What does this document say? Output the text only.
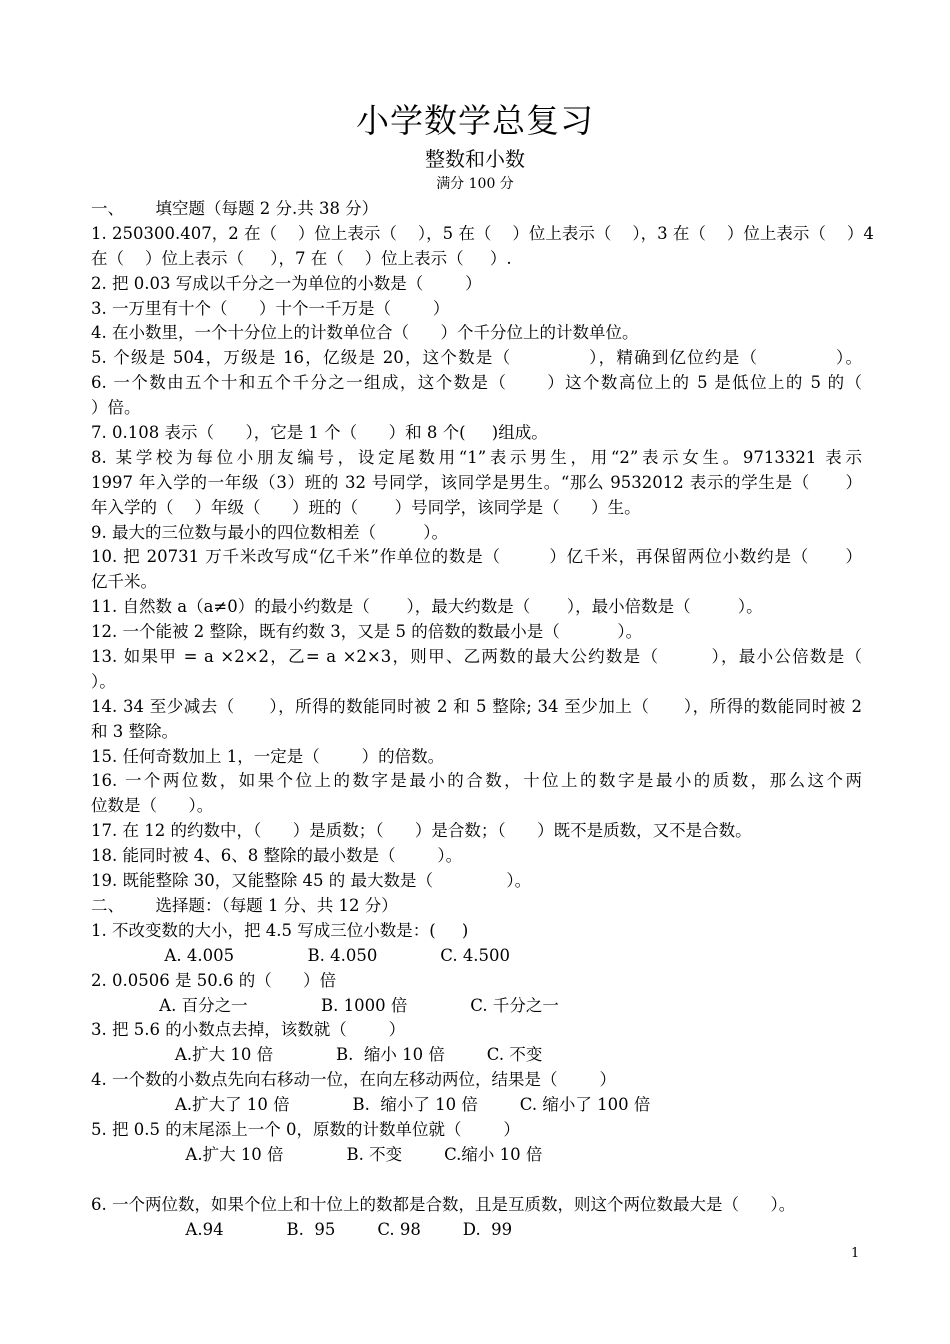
小学数学总复习
整数和小数
满分 100 分
一、      填空题（每题 2 分.共 38 分）
1. 250300.407，2 在（    ）位上表示（    ），5 在（    ）位上表示（    ），3 在（    ）位上表示（    ）4
在（    ）位上表示（     ），7 在（    ）位上表示（     ）.
2. 把 0.03 写成以千分之一为单位的小数是（        ）
3. 一万里有十个（      ）十个一千万是（        ）
4. 在小数里，一个十分位上的计数单位合（      ）个千分位上的计数单位。
5. 个级是 504，万级是 16，亿级是 20，这个数是（            ），精确到亿位约是（            ）。
6. 一个数由五个十和五个千分之一组成，这个数是（      ）这个数高位上的 5 是低位上的 5 的（
）倍。
7. 0.108 表示（      ），它是 1 个（      ）和 8 个(     )组成。
8. 某学校为每位小朋友编号，设定尾数用“1”表示男生，用“2”表示女生。9713321 表示
1997 年入学的一年级（3）班的 32 号同学，该同学是男生。“那么 9532012 表示的学生是（      ）
年入学的（    ）年级（      ）班的（       ）号同学，该同学是（      ）生。
9. 最大的三位数与最小的四位数相差（         ）。
10. 把 20731 万千米改写成“亿千米”作单位的数是（        ）亿千米，再保留两位小数约是（      ）
亿千米。
11. 自然数 a（a≠0）的最小约数是（       ），最大约数是（       ），最小倍数是（         ）。
12. 一个能被 2 整除，既有约数 3，又是 5 的倍数的数最小是（           ）。
13. 如果甲 = a ×2×2，乙= a ×2×3，则甲、乙两数的最大公约数是（        ），最小公倍数是（
）。
14. 34 至少减去（      ），所得的数能同时被 2 和 5 整除; 34 至少加上（      ），所得的数能同时被 2
和 3 整除。
15. 任何奇数加上 1，一定是（        ）的倍数。
16. 一个两位数，如果个位上的数字是最小的合数，十位上的数字是最小的质数，那么这个两
位数是（      ）。
17. 在 12 的约数中，（      ）是质数；（      ）是合数；（      ）既不是质数，又不是合数。
18. 能同时被 4、6、8 整除的最小数是（        ）。
19. 既能整除 30，又能整除 45 的 最大数是（              ）。
二、      选择题：（每题 1 分、共 12 分）
1. 不改变数的大小，把 4.5 写成三位小数是：(     )
A. 4.005              B. 4.050            C. 4.500
2. 0.0506 是 50.6 的（      ）倍
A. 百分之一              B. 1000 倍            C. 千分之一
3. 把 5.6 的小数点去掉，该数就（        ）
A.扩大 10 倍            B.  缩小 10 倍        C. 不变
4. 一个数的小数点先向右移动一位，在向左移动两位，结果是（        ）
A.扩大了 10 倍            B.  缩小了 10 倍        C. 缩小了 100 倍
5. 把 0.5 的末尾添上一个 0，原数的计数单位就（        ）
A.扩大 10 倍            B. 不变        C.缩小 10 倍
6. 一个两位数，如果个位上和十位上的数都是合数，且是互质数，则这个两位数最大是（      ）。
A.94            B.  95        C. 98        D.  99
1
